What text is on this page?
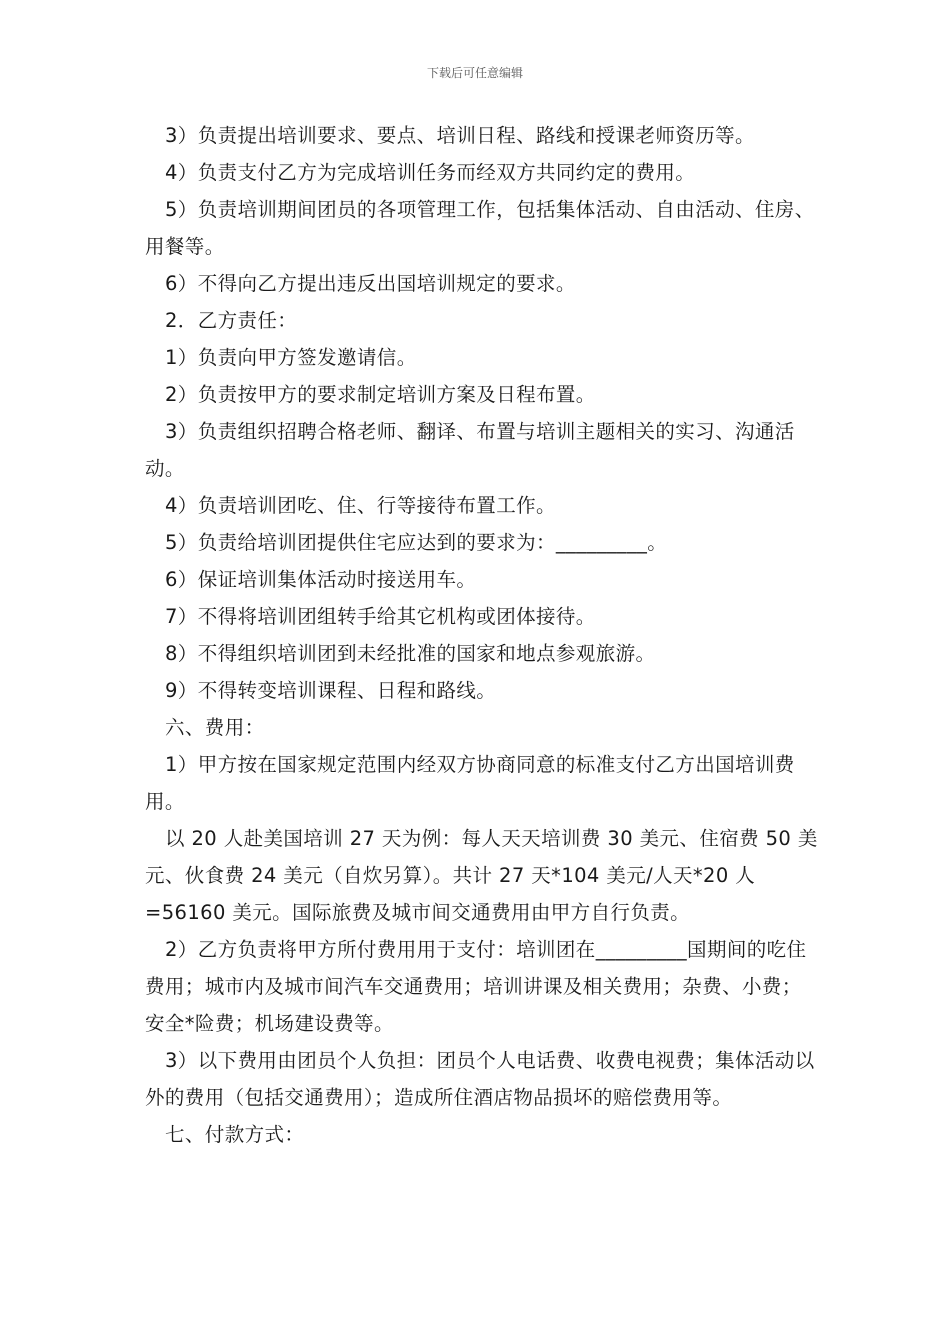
下载后可任意编辑

3）负责提出培训要求、要点、培训日程、路线和授课老师资历等。

4）负责支付乙方为完成培训任务而经双方共同约定的费用。

5）负责培训期间团员的各项管理工作，包括集体活动、自由活动、住房、用餐等。

6）不得向乙方提出违反出国培训规定的要求。

2．乙方责任：

1）负责向甲方签发邀请信。

2）负责按甲方的要求制定培训方案及日程布置。

3）负责组织招聘合格老师、翻译、布置与培训主题相关的实习、沟通活动。

4）负责培训团吃、住、行等接待布置工作。

5）负责给培训团提供住宅应达到的要求为：_________。

6）保证培训集体活动时接送用车。

7）不得将培训团组转手给其它机构或团体接待。

8）不得组织培训团到未经批准的国家和地点参观旅游。

9）不得转变培训课程、日程和路线。

六、费用：

1）甲方按在国家规定范围内经双方协商同意的标准支付乙方出国培训费用。

以 20 人赴美国培训 27 天为例：每人天天培训费 30 美元、住宿费 50 美元、伙食费 24 美元（自炊另算）。共计 27 天*104 美元/人天*20 人=56160 美元。国际旅费及城市间交通费用由甲方自行负责。

2）乙方负责将甲方所付费用用于支付：培训团在_________国期间的吃住费用；城市内及城市间汽车交通费用；培训讲课及相关费用；杂费、小费；安全*险费；机场建设费等。

3）以下费用由团员个人负担：团员个人电话费、收费电视费；集体活动以外的费用（包括交通费用）；造成所住酒店物品损坏的赔偿费用等。

七、付款方式：
